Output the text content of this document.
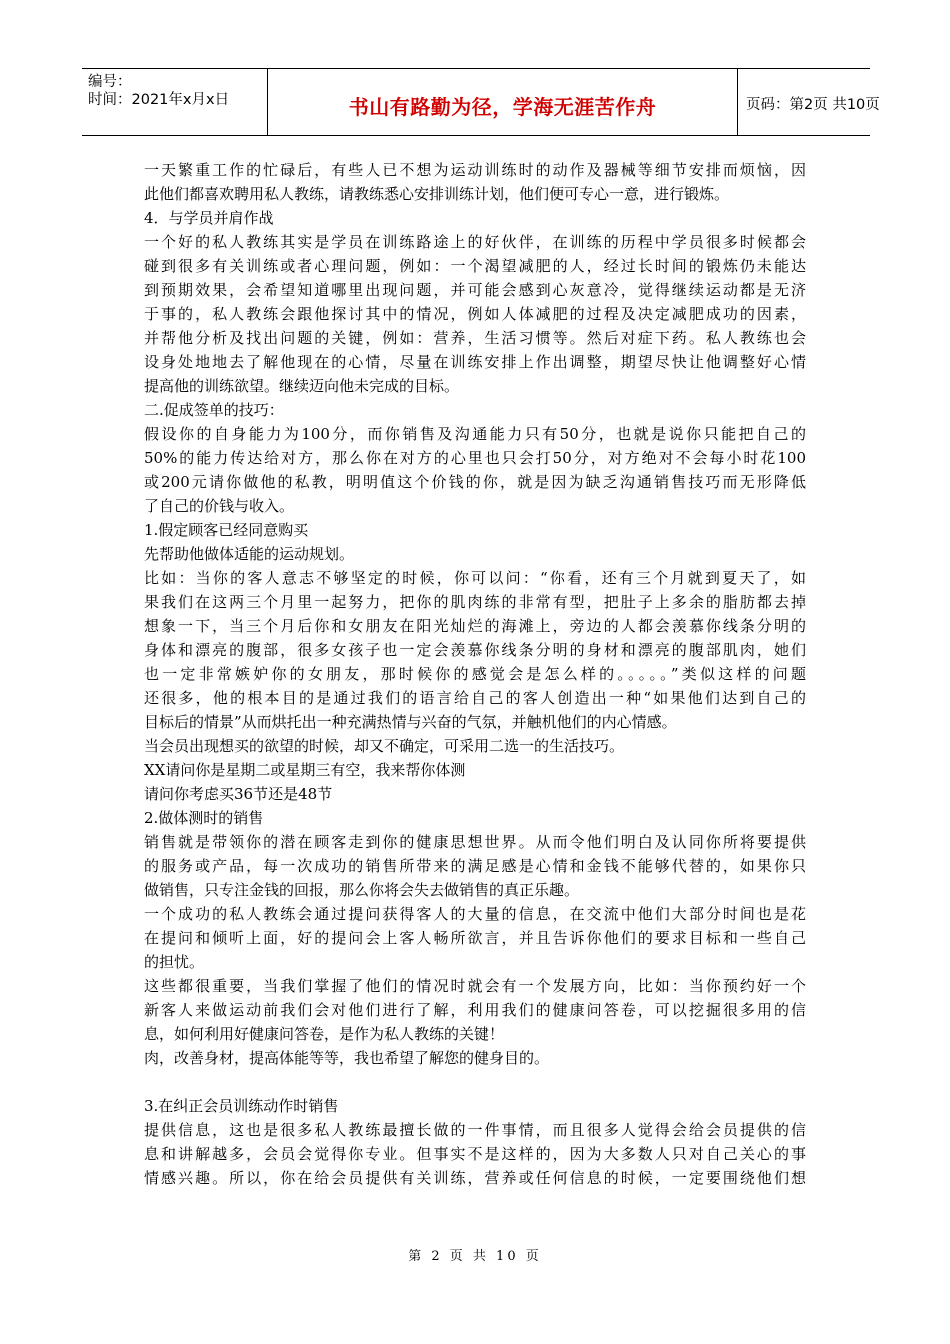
编号：
时间：2021年x月x日	书山有路勤为径，学海无涯苦作舟	页码：第2页 共10页
一天繁重工作的忙碌后，有些人已不想为运动训练时的动作及器械等细节安排而烦恼，因
此他们都喜欢聘用私人教练，请教练悉心安排训练计划，他们便可专心一意，进行锻炼。
4．与学员并肩作战
一个好的私人教练其实是学员在训练路途上的好伙伴，在训练的历程中学员很多时候都会
碰到很多有关训练或者心理问题，例如：一个渴望减肥的人，经过长时间的锻炼仍未能达
到预期效果，会希望知道哪里出现问题，并可能会感到心灰意冷，觉得继续运动都是无济
于事的，私人教练会跟他探讨其中的情况，例如人体减肥的过程及决定减肥成功的因素，
并帮他分析及找出问题的关键，例如：营养，生活习惯等。然后对症下药。私人教练也会
设身处地地去了解他现在的心情，尽量在训练安排上作出调整，期望尽快让他调整好心情
提高他的训练欲望。继续迈向他未完成的目标。
二.促成签单的技巧：
假设你的自身能力为100分，而你销售及沟通能力只有50分，也就是说你只能把自己的
50%的能力传达给对方，那么你在对方的心里也只会打50分，对方绝对不会每小时花100
或200元请你做他的私教，明明值这个价钱的你，就是因为缺乏沟通销售技巧而无形降低
了自己的价钱与收入。
1.假定顾客已经同意购买
先帮助他做体适能的运动规划。
比如：当你的客人意志不够坚定的时候，你可以问：“你看，还有三个月就到夏天了，如
果我们在这两三个月里一起努力，把你的肌肉练的非常有型，把肚子上多余的脂肪都去掉
想象一下，当三个月后你和女朋友在阳光灿烂的海滩上，旁边的人都会羡慕你线条分明的
身体和漂亮的腹部，很多女孩子也一定会羡慕你线条分明的身材和漂亮的腹部肌肉，她们
也一定非常嫉妒你的女朋友，那时候你的感觉会是怎么样的。。。。。”类似这样的问题
还很多，他的根本目的是通过我们的语言给自己的客人创造出一种“如果他们达到自己的
目标后的情景”从而烘托出一种充满热情与兴奋的气氛，并触机他们的内心情感。
当会员出现想买的欲望的时候，却又不确定，可采用二选一的生活技巧。
XX请问你是星期二或星期三有空，我来帮你体测
请问你考虑买36节还是48节
2.做体测时的销售
销售就是带领你的潜在顾客走到你的健康思想世界。从而令他们明白及认同你所将要提供
的服务或产品，每一次成功的销售所带来的满足感是心情和金钱不能够代替的，如果你只
做销售，只专注金钱的回报，那么你将会失去做销售的真正乐趣。
一个成功的私人教练会通过提问获得客人的大量的信息，在交流中他们大部分时间也是花
在提问和倾听上面，好的提问会上客人畅所欲言，并且告诉你他们的要求目标和一些自己
的担忧。
这些都很重要，当我们掌握了他们的情况时就会有一个发展方向，比如：当你预约好一个
新客人来做运动前我们会对他们进行了解，利用我们的健康问答卷，可以挖掘很多用的信
息，如何利用好健康问答卷，是作为私人教练的关键！
肉，改善身材，提高体能等等，我也希望了解您的健身目的。
3.在纠正会员训练动作时销售
提供信息，这也是很多私人教练最擅长做的一件事情，而且很多人觉得会给会员提供的信
息和讲解越多，会员会觉得你专业。但事实不是这样的，因为大多数人只对自己关心的事
情感兴趣。所以，你在给会员提供有关训练，营养或任何信息的时候，一定要围绕他们想
第 2 页 共 10 页
